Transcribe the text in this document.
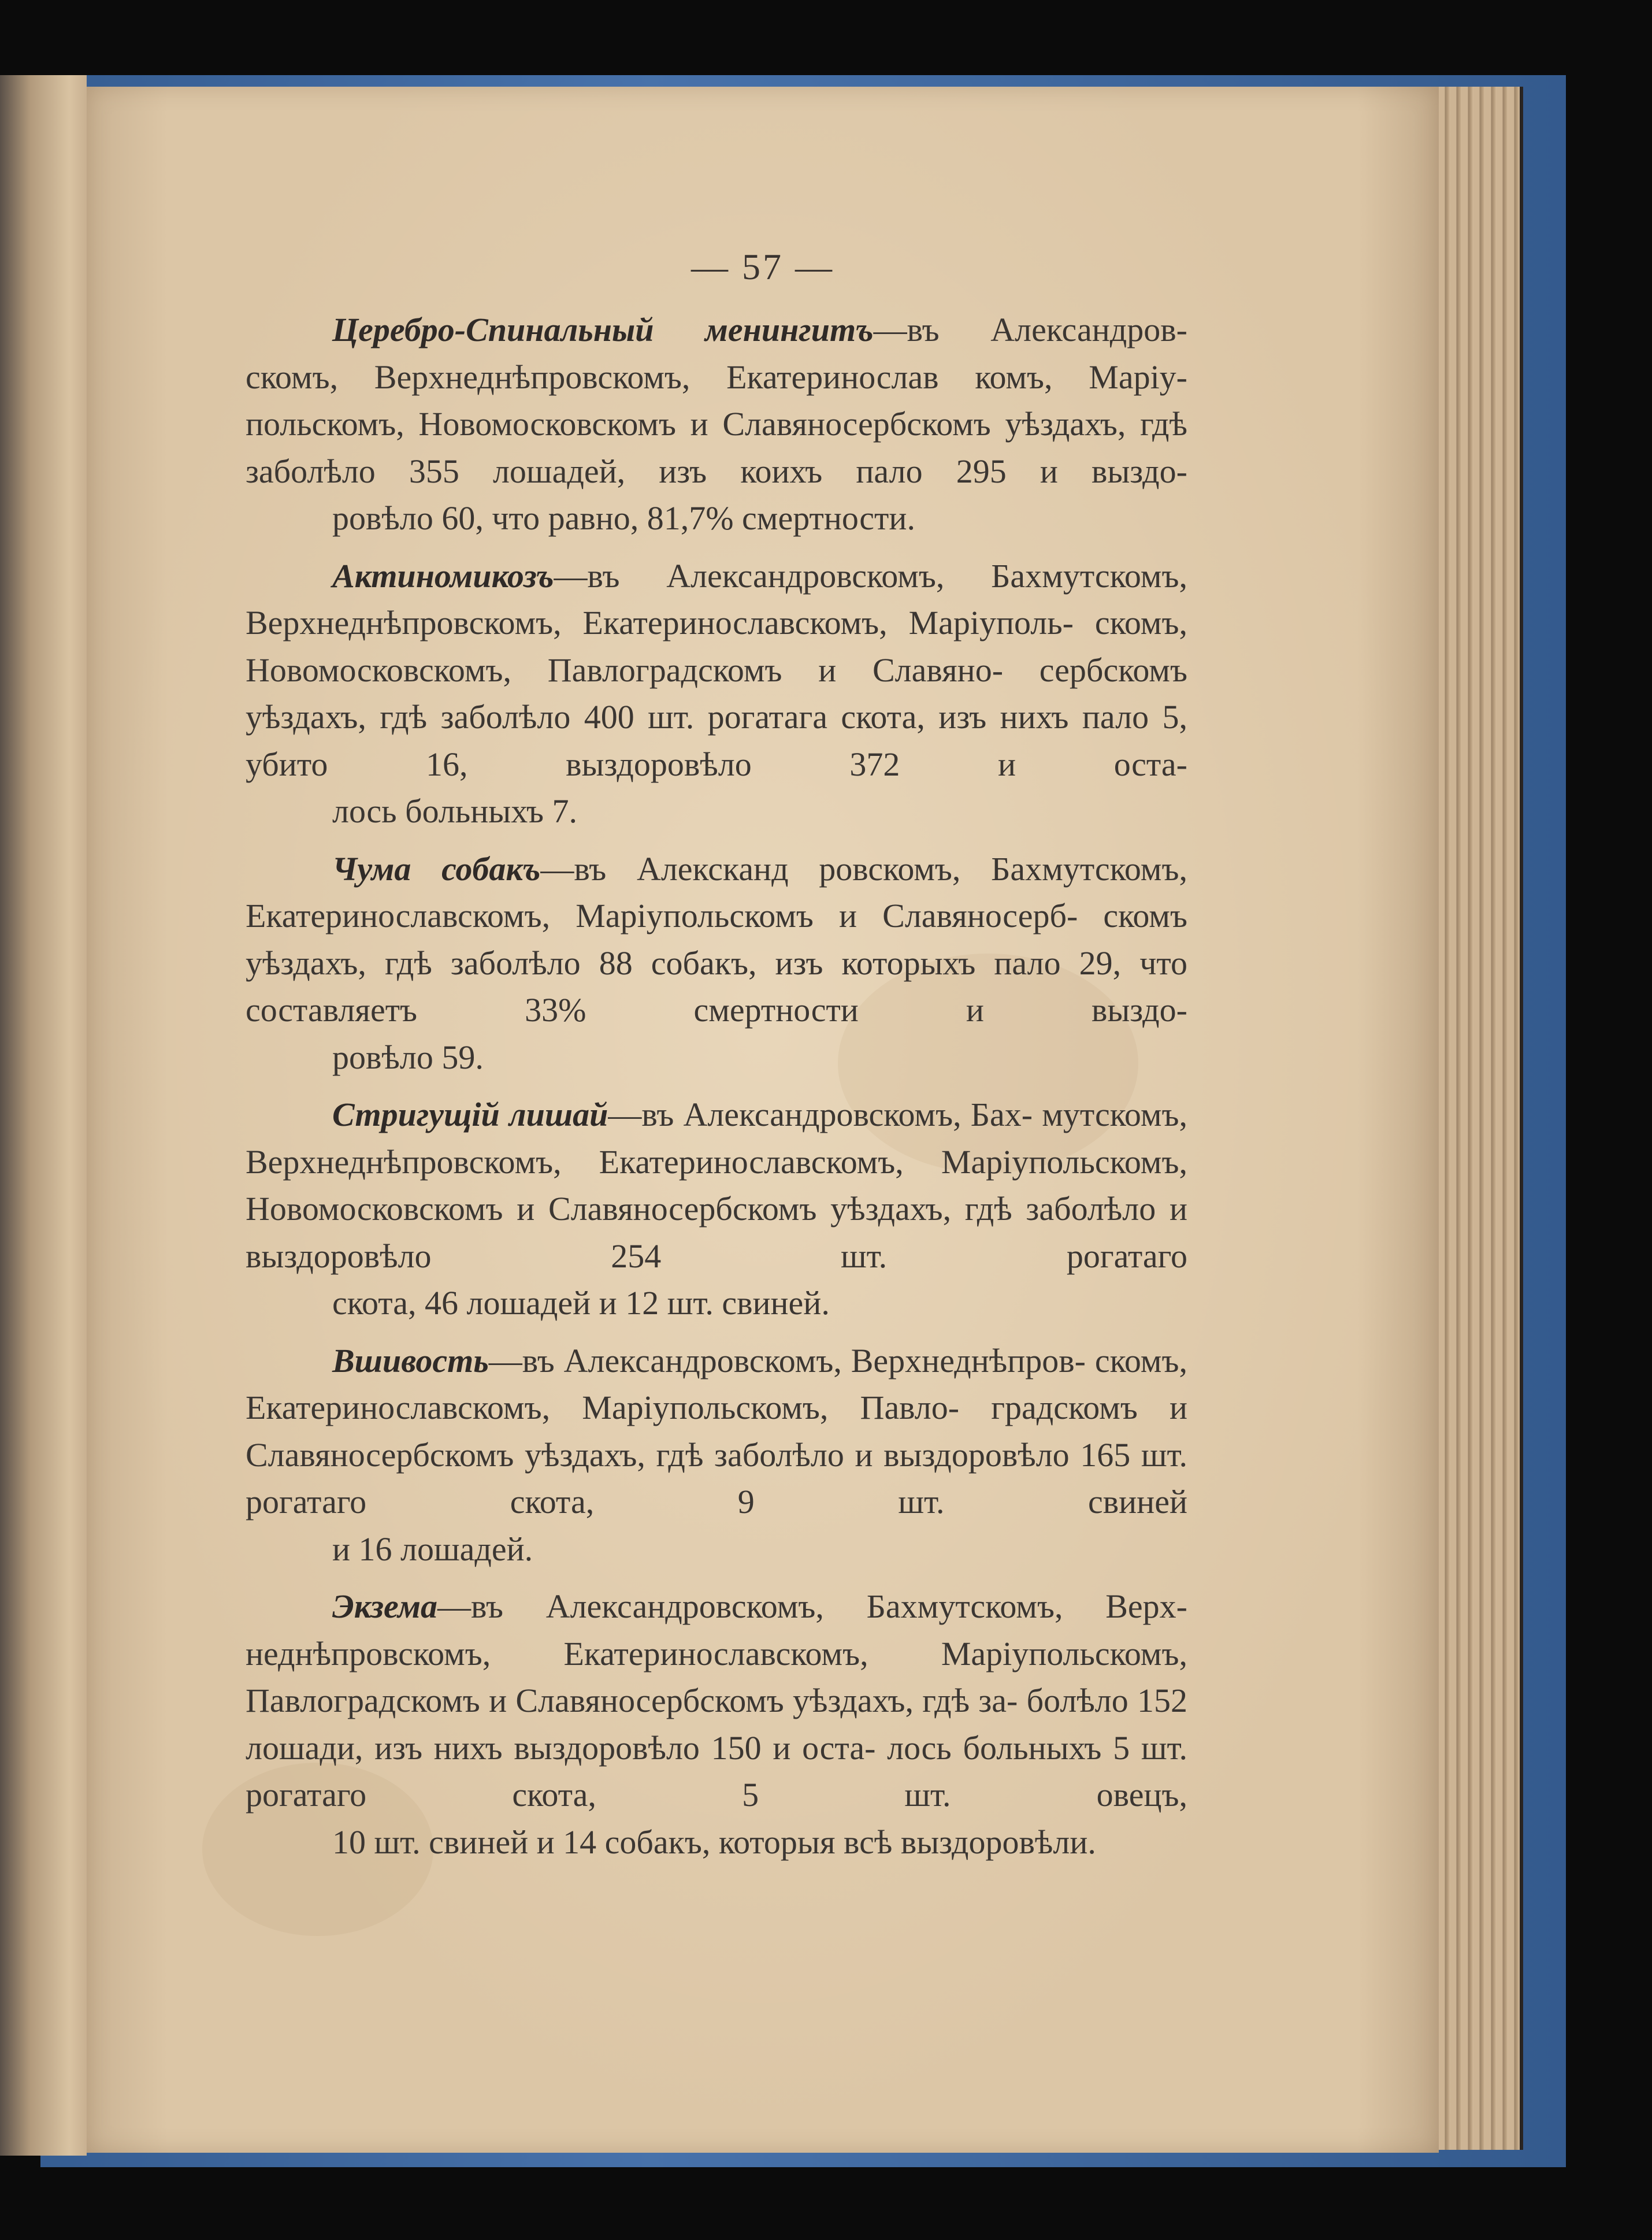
— 57 —

Церебро-Спинальный менингитъ—въ Александров- скомъ, Верхнеднѣпровскомъ, Екатеринослав комъ, Маріу- польскомъ, Новомосковскомъ и Славяносербскомъ уѣздахъ, гдѣ заболѣло 355 лошадей, изъ коихъ пало 295 и выздо-
ровѣло 60, что равно, 81,7% смертности.

Актиномикозъ—въ Александровскомъ, Бахмутскомъ, Верхнеднѣпровскомъ, Екатеринославскомъ, Маріуполь- скомъ, Новомосковскомъ, Павлоградскомъ и Славяно- сербскомъ уѣздахъ, гдѣ заболѣло 400 шт. рогатага скота, изъ нихъ пало 5, убито 16, выздоровѣло 372 и оста-
лось больныхъ 7.

Чума собакъ—въ Алексканд ровскомъ, Бахмутскомъ, Екатеринославскомъ, Маріупольскомъ и Славяносерб- скомъ уѣздахъ, гдѣ заболѣло 88 собакъ, изъ которыхъ пало 29, что составляетъ 33% смертности и выздо-
ровѣло 59.

Стригущій лишай—въ Александровскомъ, Бах- мутскомъ, Верхнеднѣпровскомъ, Екатеринославскомъ, Маріупольскомъ, Новомосковскомъ и Славяносербскомъ уѣздахъ, гдѣ заболѣло и выздоровѣло 254 шт. рогатаго
скота, 46 лошадей и 12 шт. свиней.

Вшивость—въ Александровскомъ, Верхнеднѣпров- скомъ, Екатеринославскомъ, Маріупольскомъ, Павло- градскомъ и Славяносербскомъ уѣздахъ, гдѣ заболѣло и выздоровѣло 165 шт. рогатаго скота, 9 шт. свиней
и 16 лошадей.

Экзема—въ Александровскомъ, Бахмутскомъ, Верх- неднѣпровскомъ, Екатеринославскомъ, Маріупольскомъ, Павлоградскомъ и Славяносербскомъ уѣздахъ, гдѣ за- болѣло 152 лошади, изъ нихъ выздоровѣло 150 и оста- лось больныхъ 5 шт. рогатаго скота, 5 шт. овецъ,
10 шт. свиней и 14 собакъ, которыя всѣ выздоровѣли.
